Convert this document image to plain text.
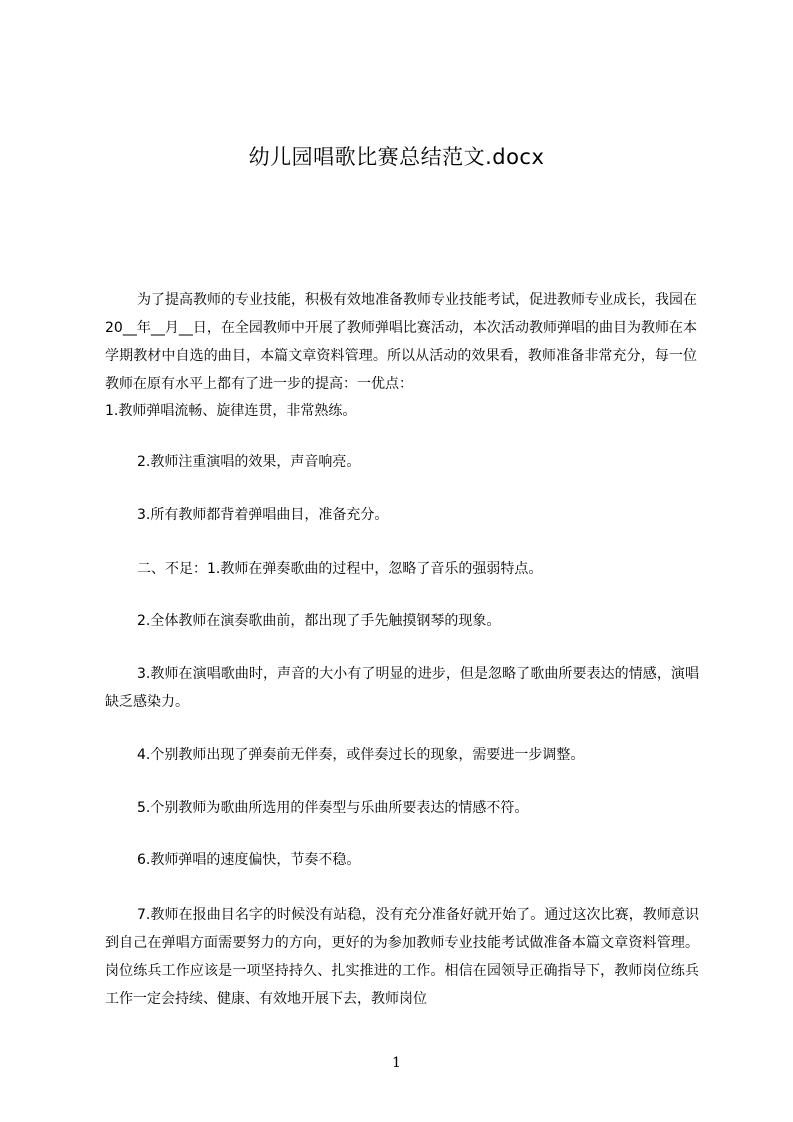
幼儿园唱歌比赛总结范文.docx

为了提高教师的专业技能，积极有效地准备教师专业技能考试，促进教师专业成长，我园在 20__年__月__日，在全园教师中开展了教师弹唱比赛活动，本次活动教师弹唱的曲目为教师在本学期教材中自选的曲目，本篇文章资料管理。所以从活动的效果看，教师准备非常充分，每一位教师在原有水平上都有了进一步的提高：一优点：

1.教师弹唱流畅、旋律连贯，非常熟练。

2.教师注重演唱的效果，声音响亮。

3.所有教师都背着弹唱曲目，准备充分。

二、不足：1.教师在弹奏歌曲的过程中，忽略了音乐的强弱特点。

2.全体教师在演奏歌曲前，都出现了手先触摸钢琴的现象。

3.教师在演唱歌曲时，声音的大小有了明显的进步，但是忽略了歌曲所要表达的情感，演唱缺乏感染力。

4.个别教师出现了弹奏前无伴奏，或伴奏过长的现象，需要进一步调整。

5.个别教师为歌曲所选用的伴奏型与乐曲所要表达的情感不符。

6.教师弹唱的速度偏快，节奏不稳。

7.教师在报曲目名字的时候没有站稳，没有充分准备好就开始了。通过这次比赛，教师意识到自己在弹唱方面需要努力的方向，更好的为参加教师专业技能考试做准备本篇文章资料管理。岗位练兵工作应该是一项坚持持久、扎实推进的工作。相信在园领导正确指导下，教师岗位练兵工作一定会持续、健康、有效地开展下去，教师岗位

1
